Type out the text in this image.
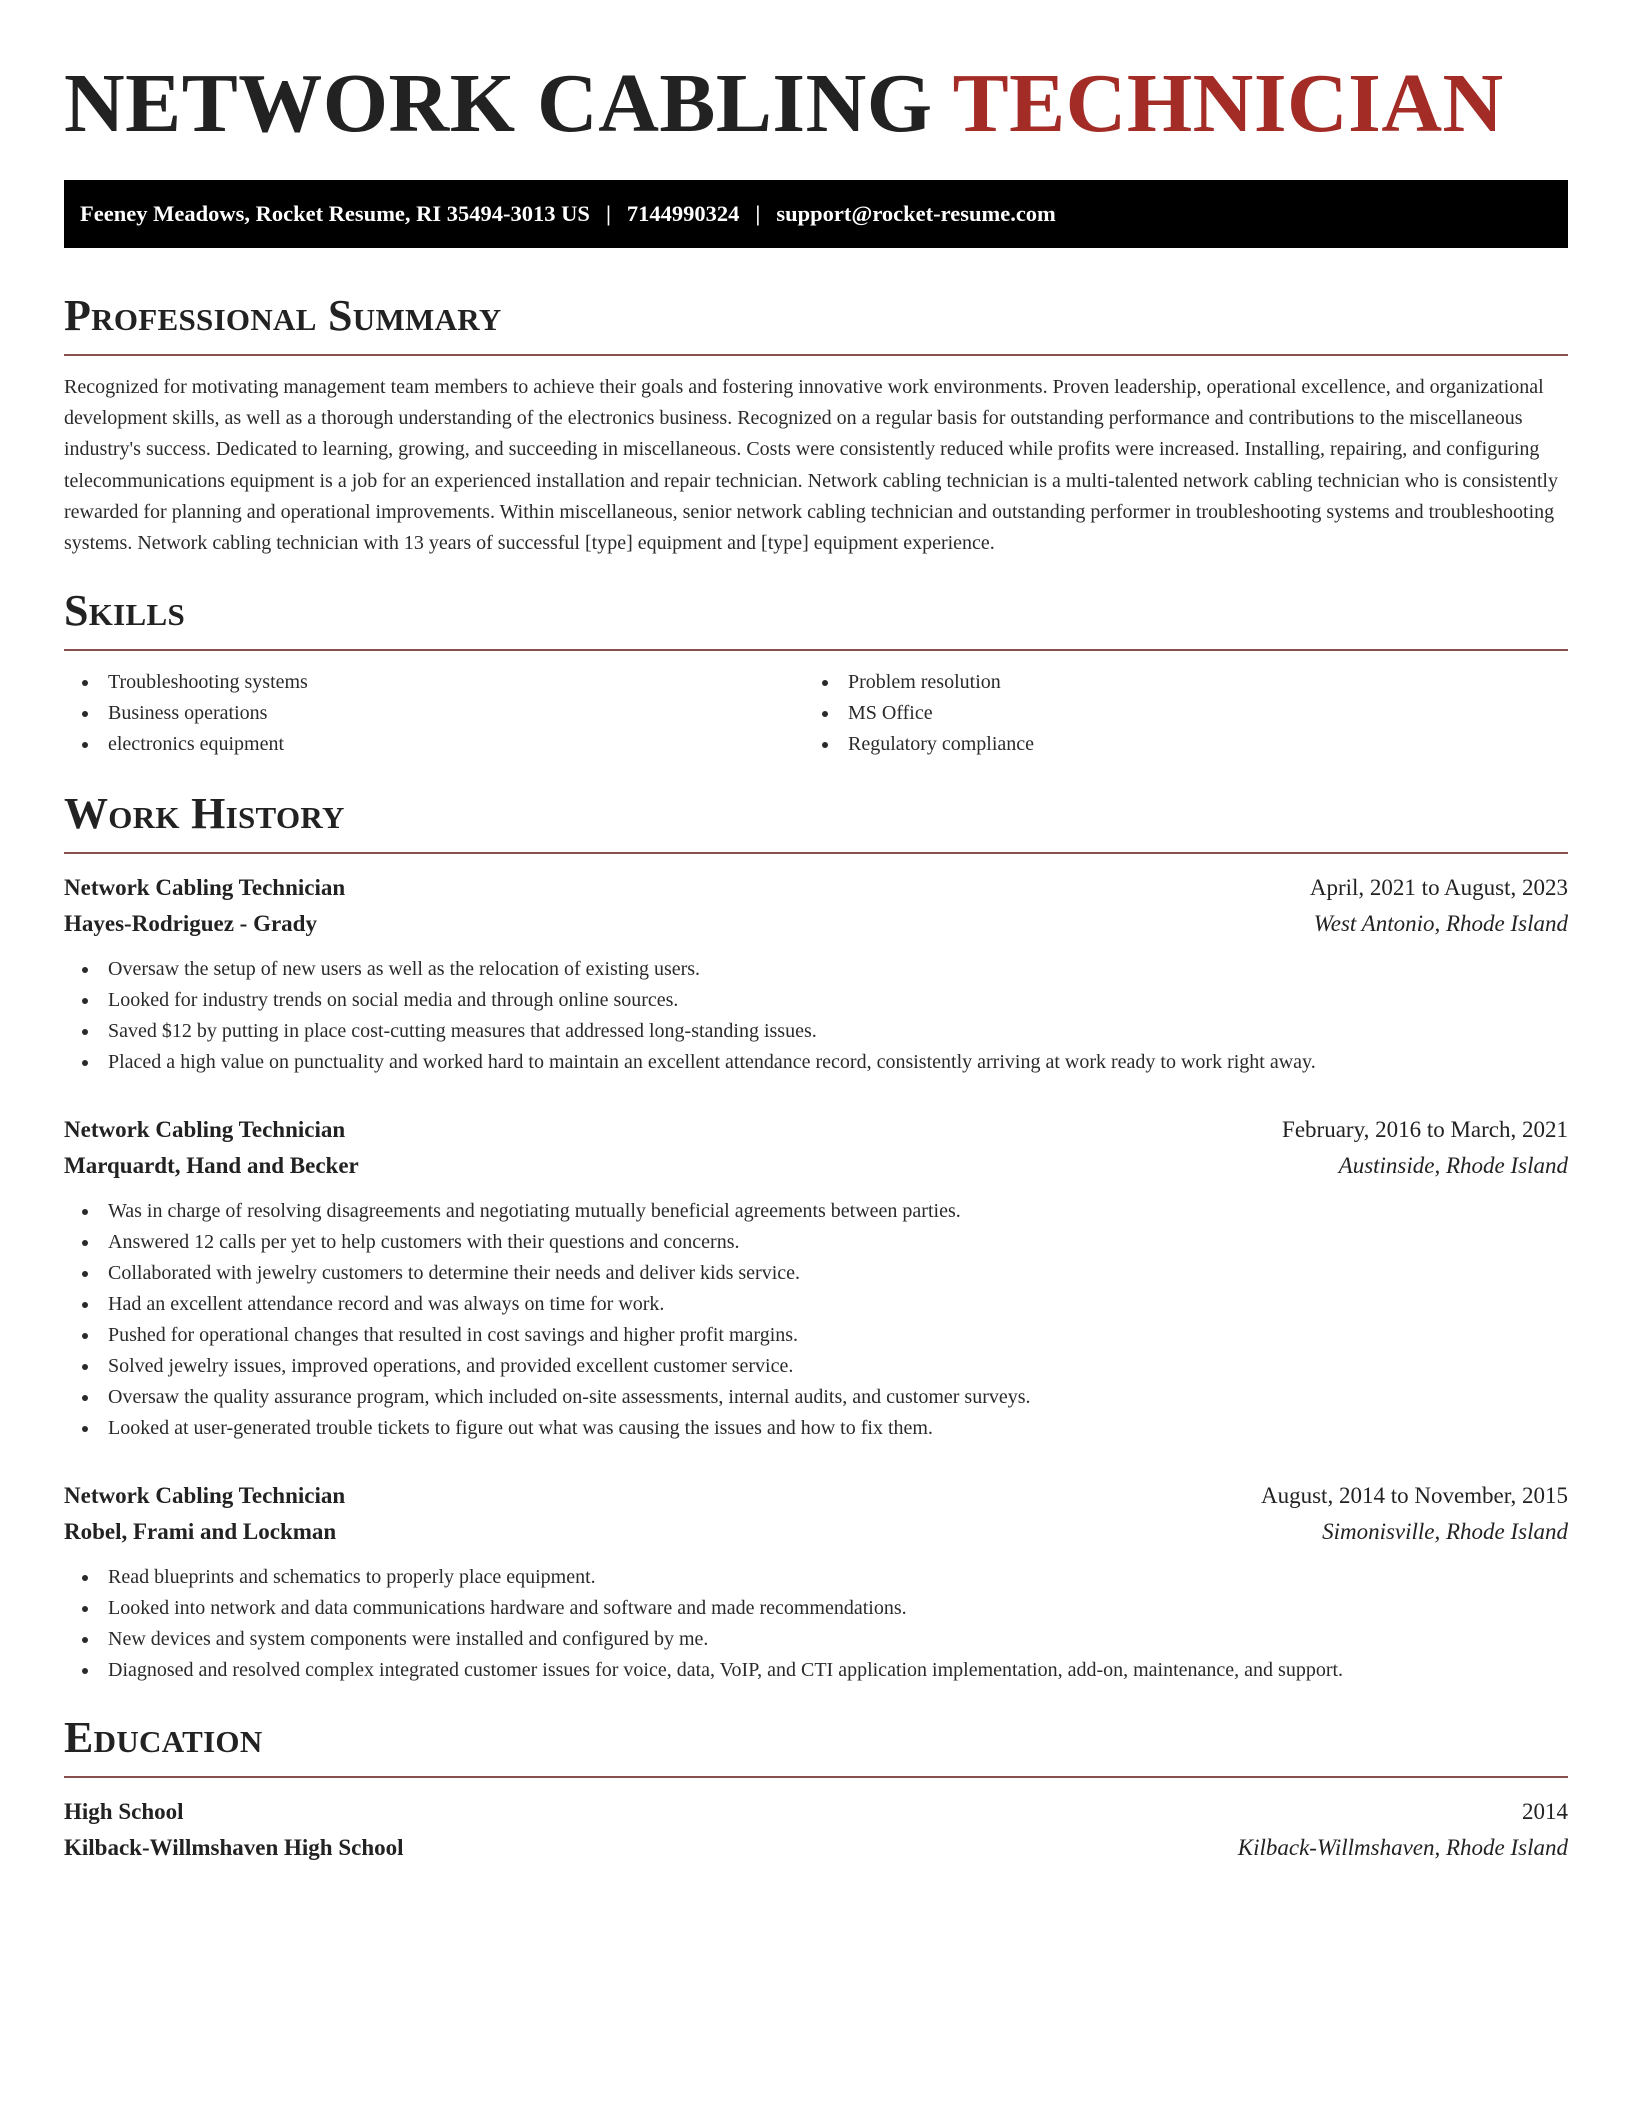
NETWORK CABLING TECHNICIAN
Feeney Meadows, Rocket Resume, RI 35494-3013 US | 7144990324 | support@rocket-resume.com
Professional Summary

Recognized for motivating management team members to achieve their goals and fostering innovative work environments. Proven leadership, operational excellence, and organizational development skills, as well as a thorough understanding of the electronics business. Recognized on a regular basis for outstanding performance and contributions to the miscellaneous industry's success. Dedicated to learning, growing, and succeeding in miscellaneous. Costs were consistently reduced while profits were increased. Installing, repairing, and configuring telecommunications equipment is a job for an experienced installation and repair technician. Network cabling technician is a multi-talented network cabling technician who is consistently rewarded for planning and operational improvements. Within miscellaneous, senior network cabling technician and outstanding performer in troubleshooting systems and troubleshooting systems. Network cabling technician with 13 years of successful [type] equipment and [type] equipment experience.

Skills
Troubleshooting systems
Business operations
electronics equipment
Problem resolution
MS Office
Regulatory compliance
Work History
Network Cabling Technician	April, 2021 to August, 2023
Hayes-Rodriguez - Grady	West Antonio, Rhode Island
Oversaw the setup of new users as well as the relocation of existing users.
Looked for industry trends on social media and through online sources.
Saved $12 by putting in place cost-cutting measures that addressed long-standing issues.
Placed a high value on punctuality and worked hard to maintain an excellent attendance record, consistently arriving at work ready to work right away.
Network Cabling Technician	February, 2016 to March, 2021
Marquardt, Hand and Becker	Austinside, Rhode Island
Was in charge of resolving disagreements and negotiating mutually beneficial agreements between parties.
Answered 12 calls per yet to help customers with their questions and concerns.
Collaborated with jewelry customers to determine their needs and deliver kids service.
Had an excellent attendance record and was always on time for work.
Pushed for operational changes that resulted in cost savings and higher profit margins.
Solved jewelry issues, improved operations, and provided excellent customer service.
Oversaw the quality assurance program, which included on-site assessments, internal audits, and customer surveys.
Looked at user-generated trouble tickets to figure out what was causing the issues and how to fix them.
Network Cabling Technician	August, 2014 to November, 2015
Robel, Frami and Lockman	Simonisville, Rhode Island
Read blueprints and schematics to properly place equipment.
Looked into network and data communications hardware and software and made recommendations.
New devices and system components were installed and configured by me.
Diagnosed and resolved complex integrated customer issues for voice, data, VoIP, and CTI application implementation, add-on, maintenance, and support.
Education
High School	2014
Kilback-Willmshaven High School	Kilback-Willmshaven, Rhode Island
